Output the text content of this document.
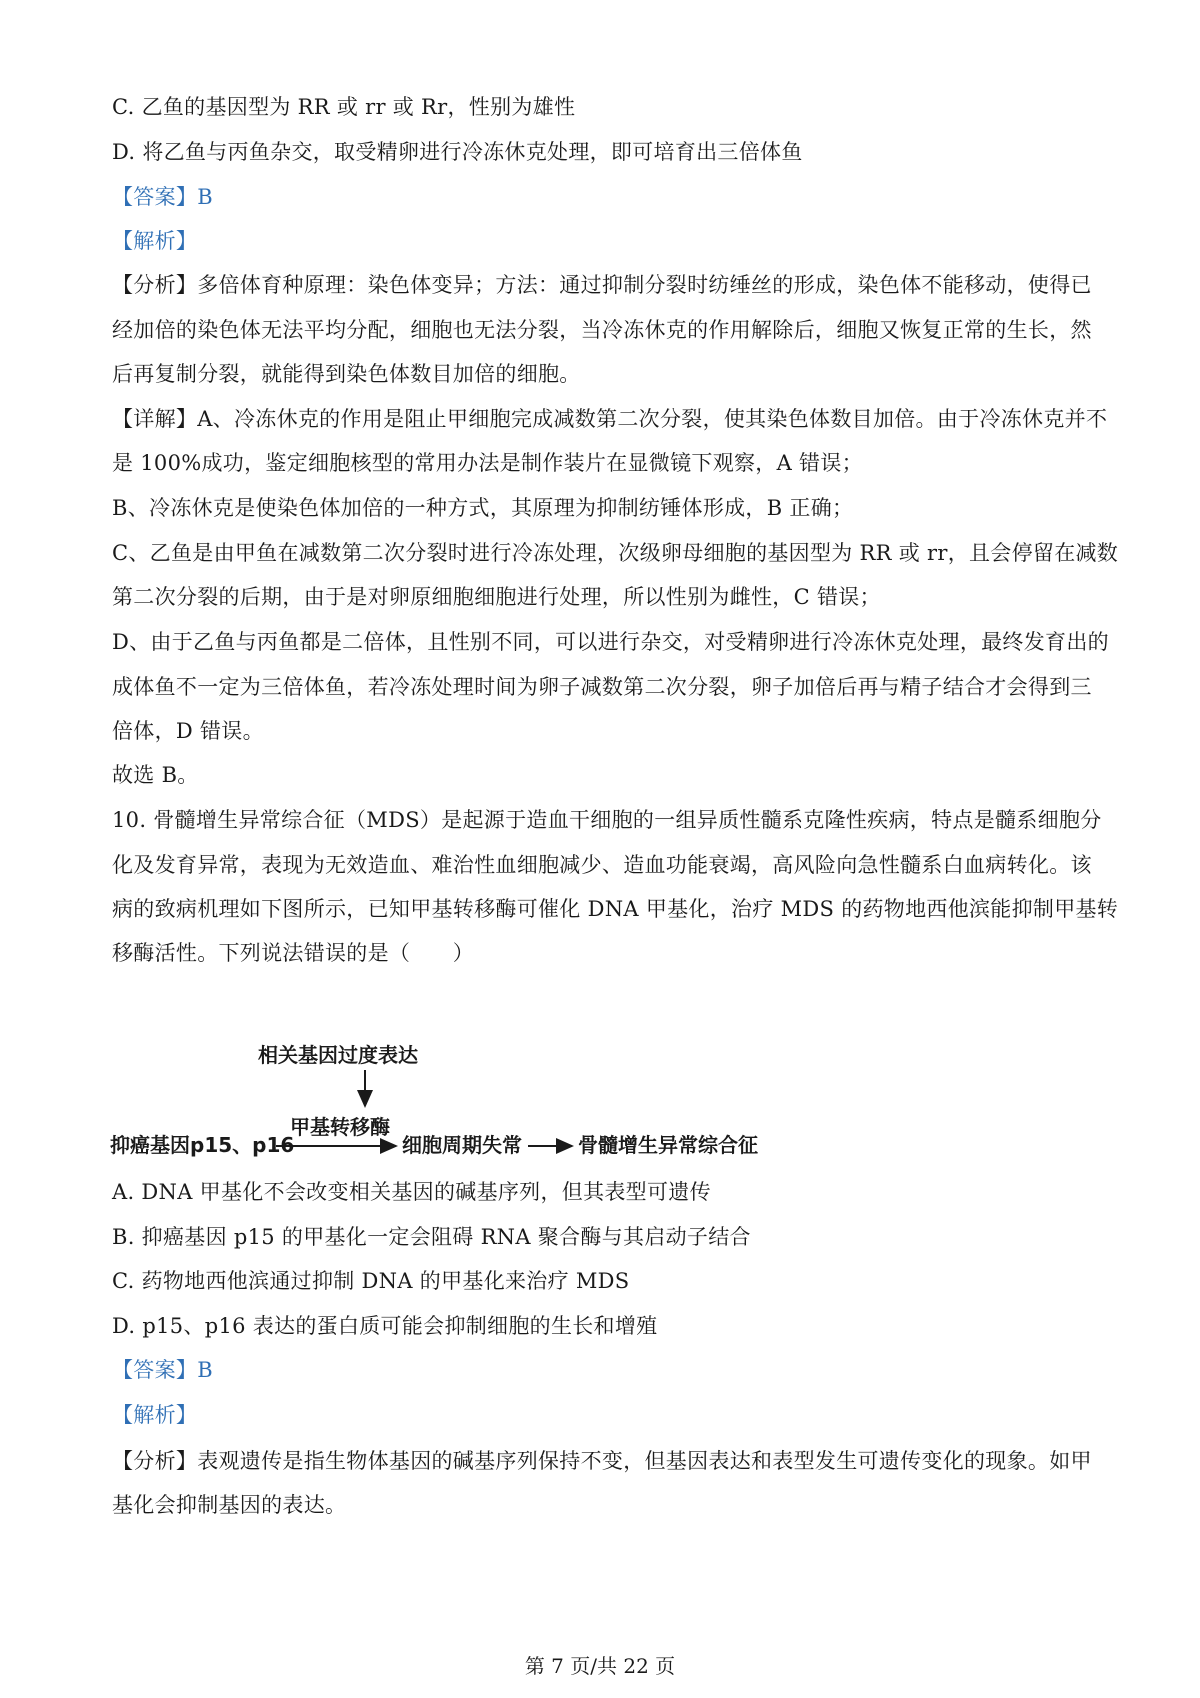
C. 乙鱼的基因型为 RR 或 rr 或 Rr，性别为雄性
D. 将乙鱼与丙鱼杂交，取受精卵进行冷冻休克处理，即可培育出三倍体鱼
【答案】B
【解析】
【分析】多倍体育种原理：染色体变异；方法：通过抑制分裂时纺缍丝的形成，染色体不能移动，使得已
经加倍的染色体无法平均分配，细胞也无法分裂，当冷冻休克的作用解除后，细胞又恢复正常的生长，然
后再复制分裂，就能得到染色体数目加倍的细胞。
【详解】A、冷冻休克的作用是阻止甲细胞完成减数第二次分裂，使其染色体数目加倍。由于冷冻休克并不
是 100%成功，鉴定细胞核型的常用办法是制作装片在显微镜下观察，A 错误；
B、冷冻休克是使染色体加倍的一种方式，其原理为抑制纺锤体形成，B 正确；
C、乙鱼是由甲鱼在减数第二次分裂时进行冷冻处理，次级卵母细胞的基因型为 RR 或 rr，且会停留在减数
第二次分裂的后期，由于是对卵原细胞细胞进行处理，所以性别为雌性，C 错误；
D、由于乙鱼与丙鱼都是二倍体，且性别不同，可以进行杂交，对受精卵进行冷冻休克处理，最终发育出的
成体鱼不一定为三倍体鱼，若冷冻处理时间为卵子减数第二次分裂，卵子加倍后再与精子结合才会得到三
倍体，D 错误。
故选 B。
10. 骨髓增生异常综合征（MDS）是起源于造血干细胞的一组异质性髓系克隆性疾病，特点是髓系细胞分
化及发育异常，表现为无效造血、难治性血细胞减少、造血功能衰竭，高风险向急性髓系白血病转化。该
病的致病机理如下图所示，已知甲基转移酶可催化 DNA 甲基化，治疗 MDS 的药物地西他滨能抑制甲基转
移酶活性。下列说法错误的是（　　）
相关基因过度表达
抑癌基因p15、p16
甲基转移酶
细胞周期失常	骨髓增生异常综合征
A. DNA 甲基化不会改变相关基因的碱基序列，但其表型可遗传
B. 抑癌基因 p15 的甲基化一定会阻碍 RNA 聚合酶与其启动子结合
C. 药物地西他滨通过抑制 DNA 的甲基化来治疗 MDS
D. p15、p16 表达的蛋白质可能会抑制细胞的生长和增殖
【答案】B
【解析】
【分析】表观遗传是指生物体基因的碱基序列保持不变，但基因表达和表型发生可遗传变化的现象。如甲
基化会抑制基因的表达。
第 7 页/共 22 页
